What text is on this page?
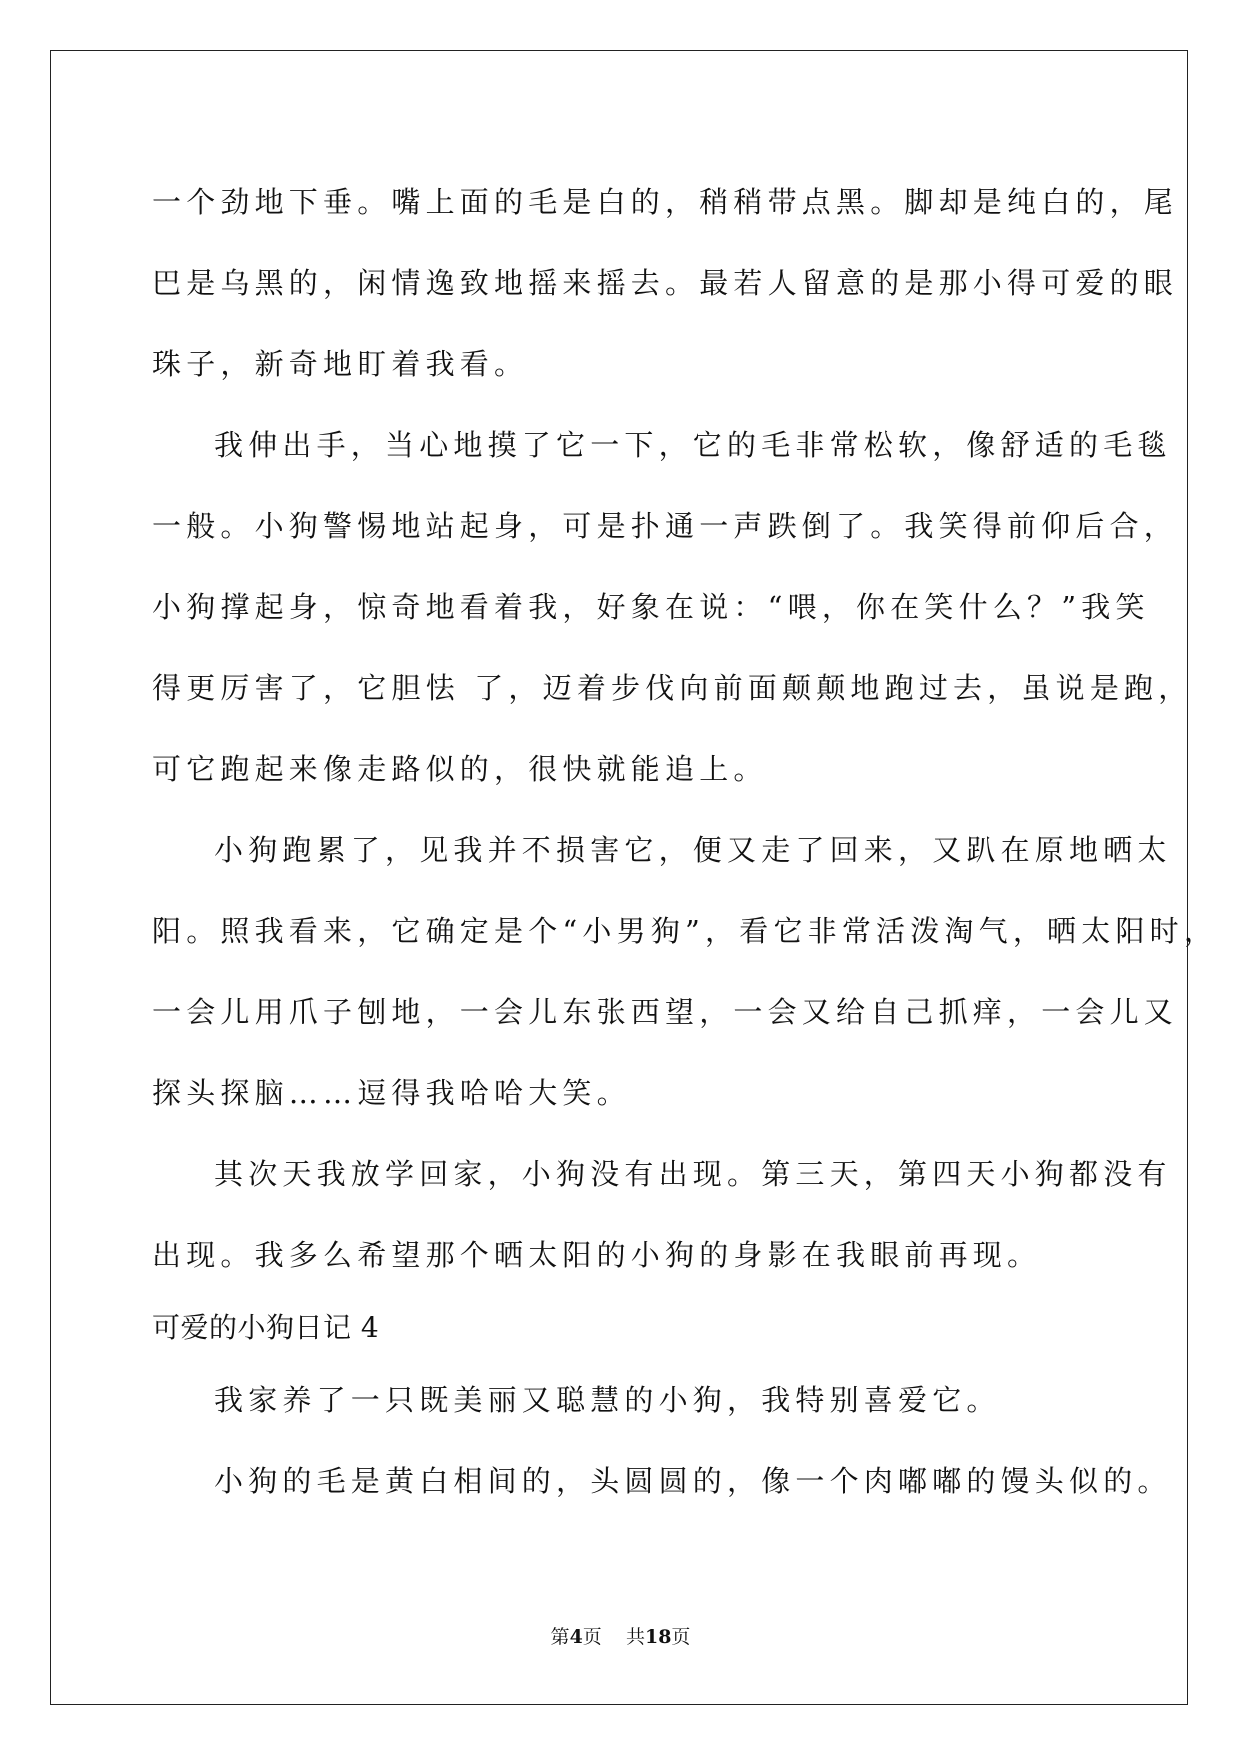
一个劲地下垂。嘴上面的毛是白的，稍稍带点黑。脚却是纯白的，尾
巴是乌黑的，闲情逸致地摇来摇去。最若人留意的是那小得可爱的眼
珠子，新奇地盯着我看。
我伸出手，当心地摸了它一下，它的毛非常松软，像舒适的毛毯
一般。小狗警惕地站起身，可是扑通一声跌倒了。我笑得前仰后合，
小狗撑起身，惊奇地看着我，好象在说：“喂，你在笑什么？”我笑
得更厉害了，它胆怯 了，迈着步伐向前面颠颠地跑过去，虽说是跑，
可它跑起来像走路似的，很快就能追上。
小狗跑累了，见我并不损害它，便又走了回来，又趴在原地晒太
阳。照我看来，它确定是个“小男狗”，看它非常活泼淘气，晒太阳时，
一会儿用爪子刨地，一会儿东张西望，一会又给自己抓痒，一会儿又
探头探脑……逗得我哈哈大笑。
其次天我放学回家，小狗没有出现。第三天，第四天小狗都没有
出现。我多么希望那个晒太阳的小狗的身影在我眼前再现。
可爱的小狗日记 4
我家养了一只既美丽又聪慧的小狗，我特别喜爱它。
小狗的毛是黄白相间的，头圆圆的，像一个肉嘟嘟的馒头似的。
第4页    共18页
